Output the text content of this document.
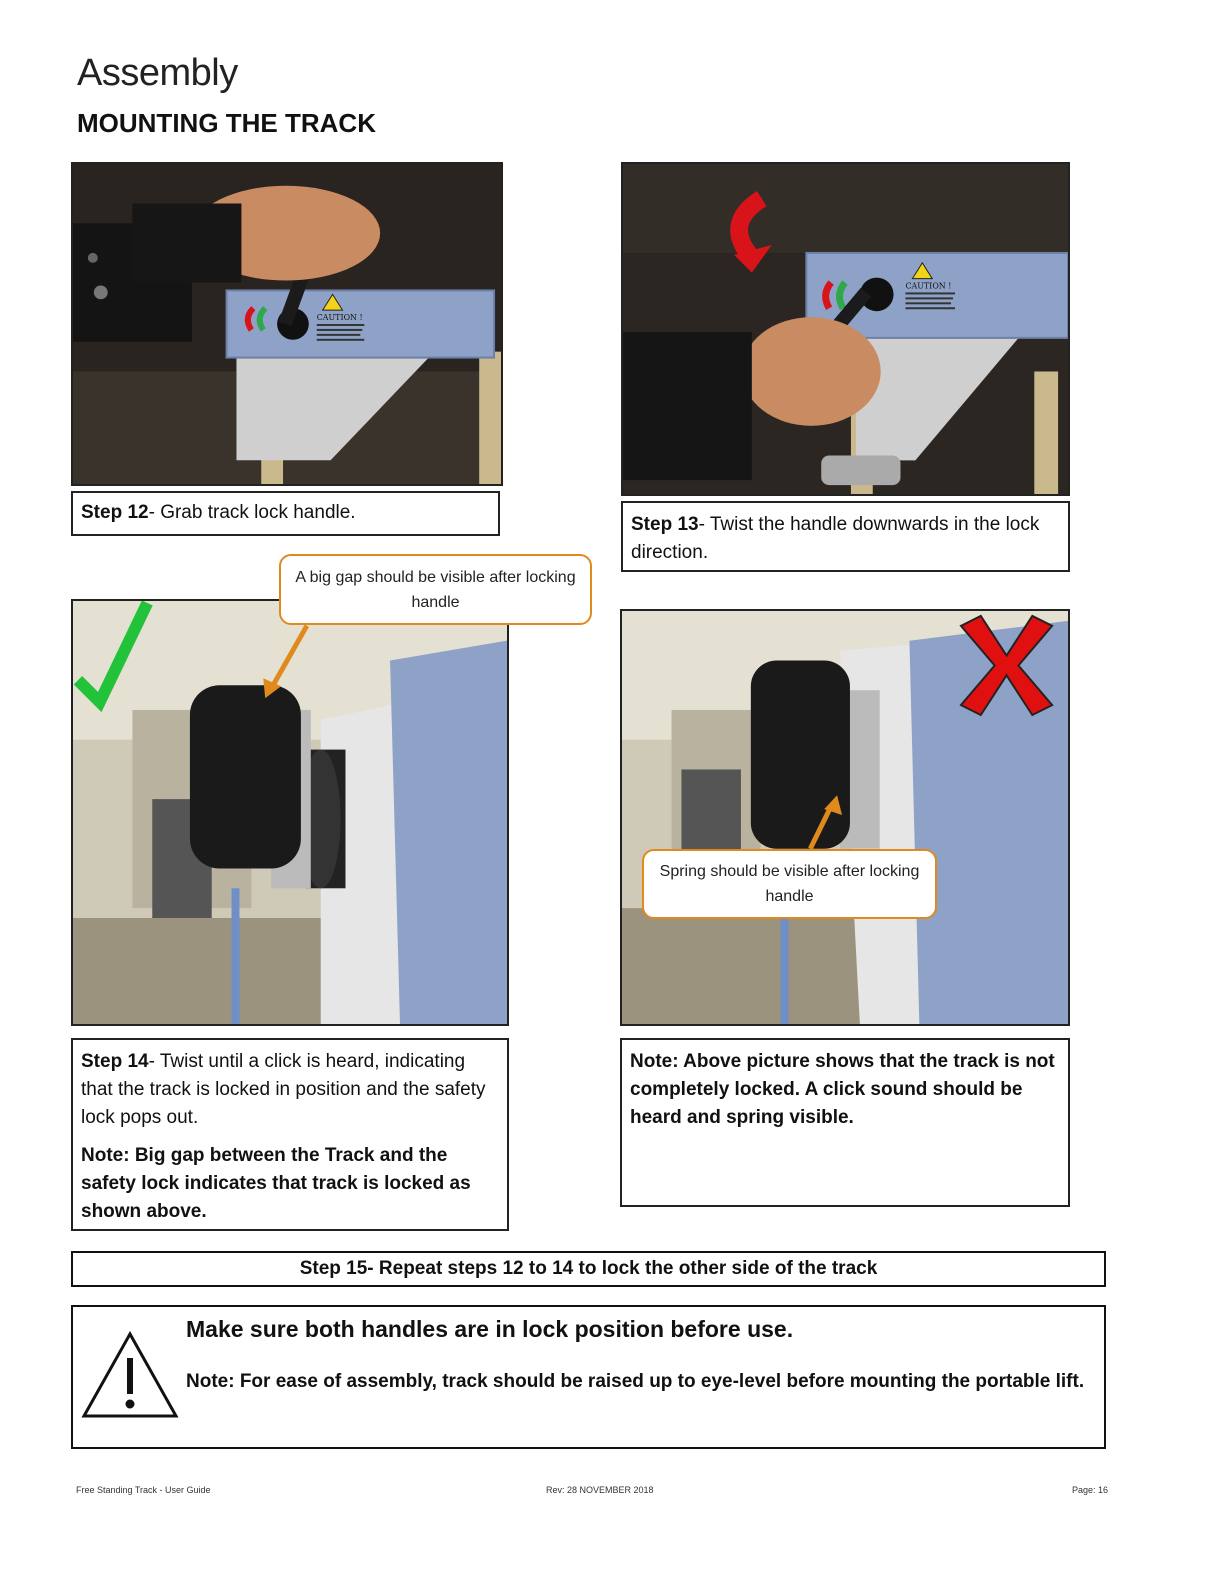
Assembly
MOUNTING THE TRACK
CAUTION !

Step 12- Grab track lock handle.

CAUTION !

Step 13- Twist the handle downwards in the lock direction.

A big gap should be visible after locking handle

Step 14- Twist until a click is heard, indicating that the track is locked in position and the safety lock pops out.

Note: Big gap between the Track and the safety lock indicates that track is locked as shown above.

Spring should be visible after locking handle

Note: Above picture shows that the track is not completely locked. A click sound should be heard and spring visible.

Step 15- Repeat steps 12 to 14 to lock the other side of the track
Make sure both handles are in lock position before use.
Note: For ease of assembly, track should be raised up to eye-level before mounting the portable lift.
Free Standing Track - User Guide	Rev: 28 NOVEMBER 2018	Page: 16
